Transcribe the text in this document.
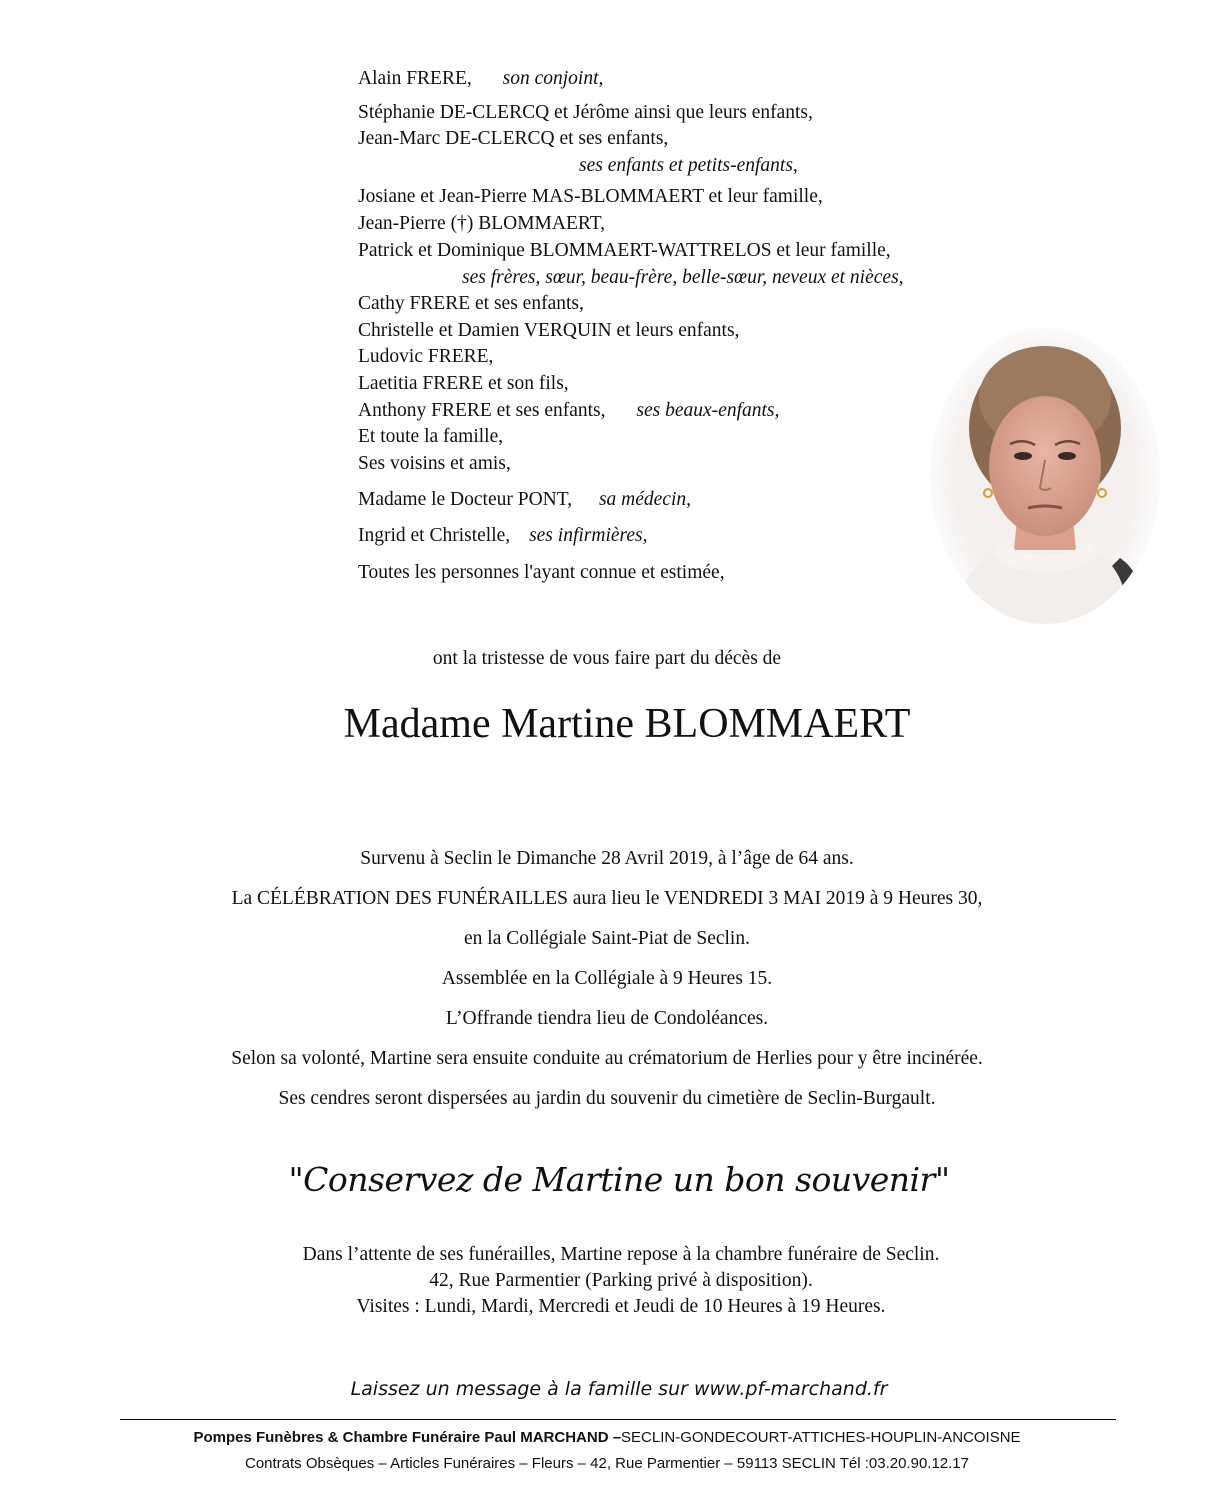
Alain FRERE, son conjoint,
Stéphanie DE-CLERCQ et Jérôme ainsi que leurs enfants,
Jean-Marc DE-CLERCQ et ses enfants,
ses enfants et petits-enfants,
Josiane et Jean-Pierre MAS-BLOMMAERT et leur famille,
Jean-Pierre (†) BLOMMAERT,
Patrick et Dominique BLOMMAERT-WATTRELOS et leur famille,
ses frères, sœur, beau-frère, belle-sœur, neveux et nièces,
Cathy FRERE et ses enfants,
Christelle et Damien VERQUIN et leurs enfants,
Ludovic FRERE,
Laetitia FRERE et son fils,
Anthony FRERE et ses enfants, ses beaux-enfants,
Et toute la famille,
Ses voisins et amis,
Madame le Docteur PONT, sa médecin,
Ingrid et Christelle, ses infirmières,
Toutes les personnes l'ayant connue et estimée,
ont la tristesse de vous faire part du décès de
Madame Martine BLOMMAERT
Survenu à Seclin le Dimanche 28 Avril 2019, à l’âge de 64 ans.
La CÉLÉBRATION DES FUNÉRAILLES aura lieu le VENDREDI 3 MAI 2019 à 9 Heures 30,
en la Collégiale Saint-Piat de Seclin.
Assemblée en la Collégiale à 9 Heures 15.
L’Offrande tiendra lieu de Condoléances.
Selon sa volonté, Martine sera ensuite conduite au crématorium de Herlies pour y être incinérée.
Ses cendres seront dispersées au jardin du souvenir du cimetière de Seclin-Burgault.
"Conservez de Martine un bon souvenir"
Dans l’attente de ses funérailles, Martine repose à la chambre funéraire de Seclin.
42, Rue Parmentier (Parking privé à disposition).
Visites : Lundi, Mardi, Mercredi et Jeudi de 10 Heures à 19 Heures.
Laissez un message à la famille sur www.pf-marchand.fr
Pompes Funèbres & Chambre Funéraire Paul MARCHAND –SECLIN-GONDECOURT-ATTICHES-HOUPLIN-ANCOISNE
Contrats Obsèques – Articles Funéraires – Fleurs – 42, Rue Parmentier – 59113 SECLIN Tél :03.20.90.12.17
